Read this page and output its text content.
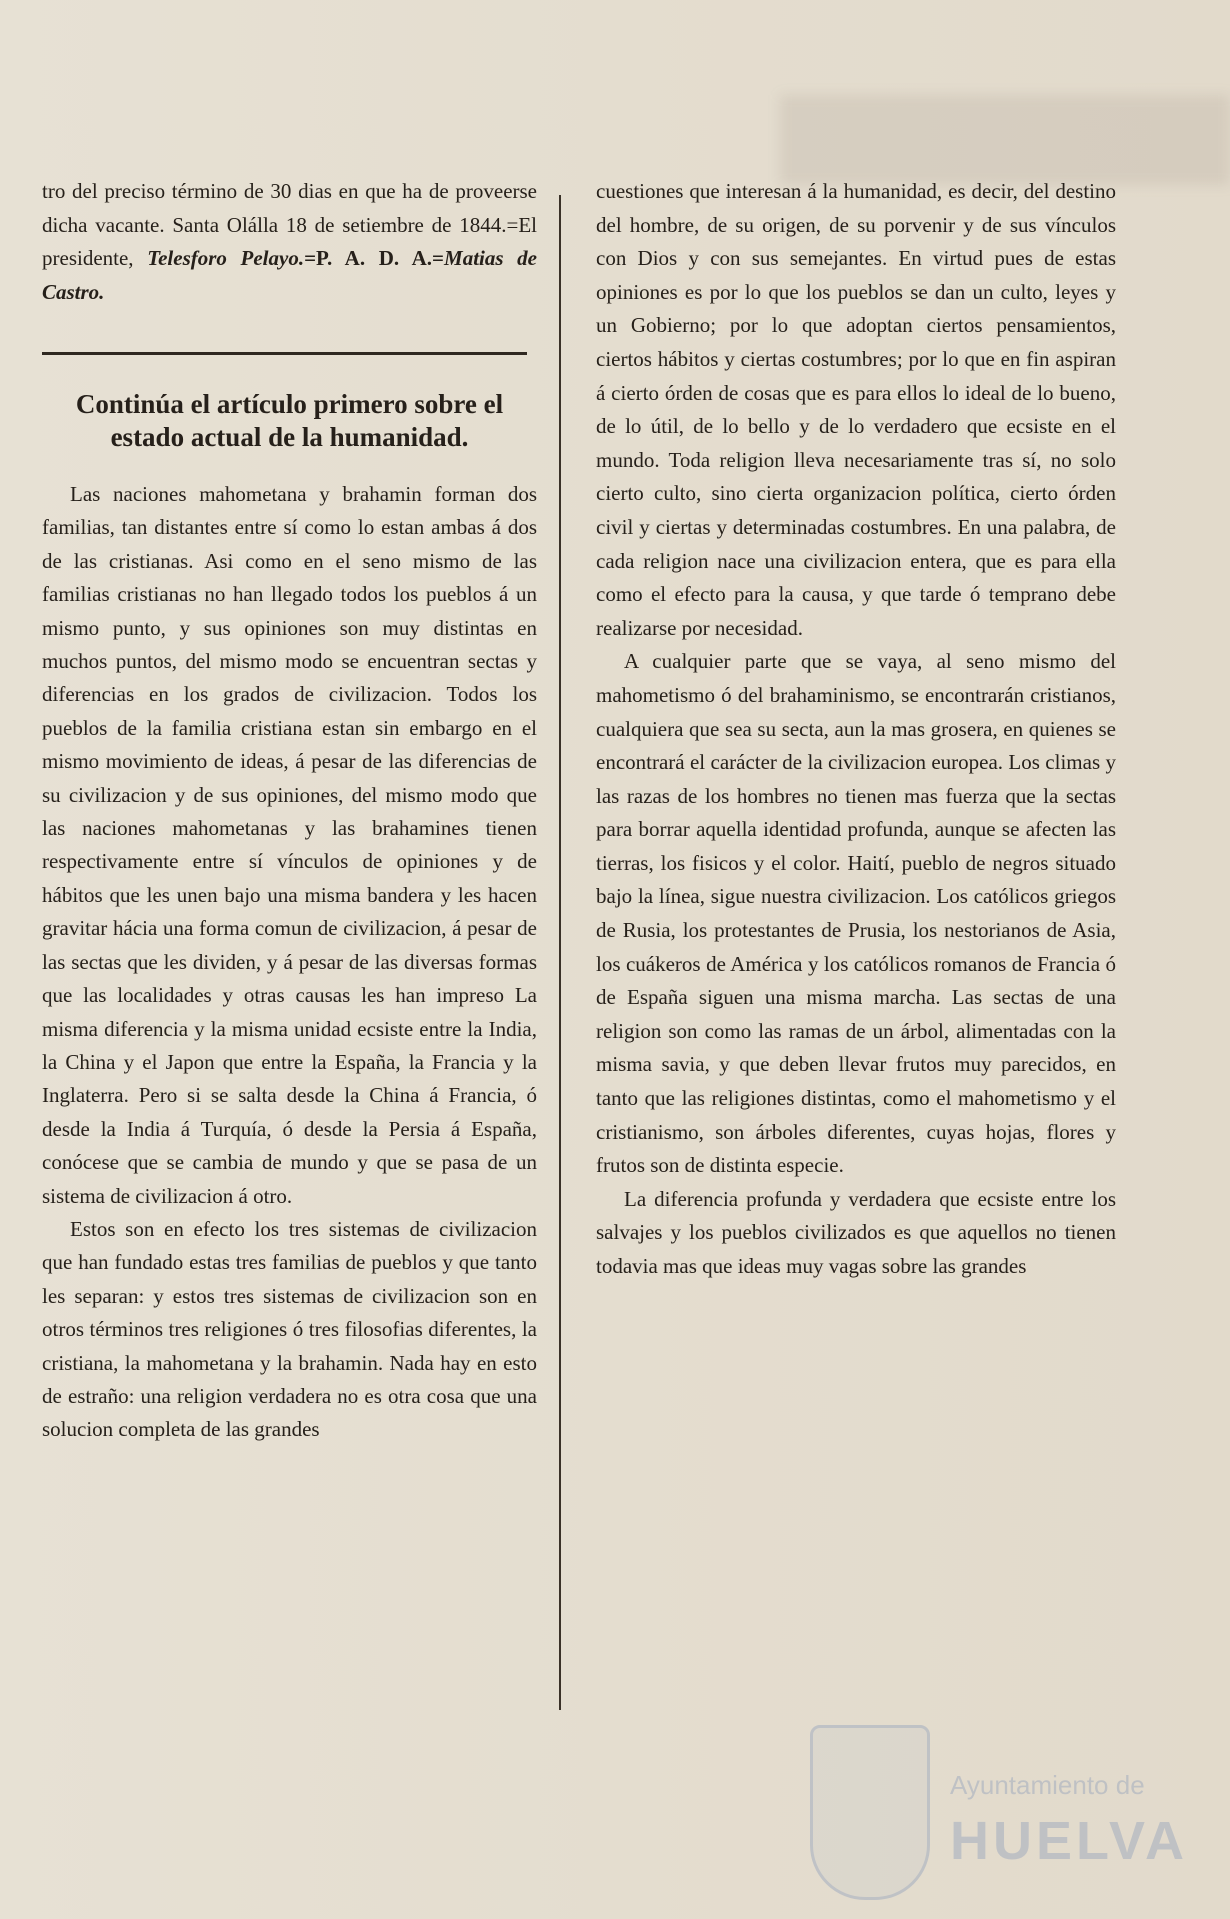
tro del preciso término de 30 dias en que ha de proveerse dicha vacante. Santa Olálla 18 de setiembre de 1844.=El presidente, Telesforo Pelayo.=P. A. D. A.=Matias de Castro.

Continúa el artículo primero sobre el estado actual de la humanidad.

Las naciones mahometana y brahamin forman dos familias, tan distantes entre sí como lo estan ambas á dos de las cristianas. Asi como en el seno mismo de las familias cristianas no han llegado todos los pueblos á un mismo punto, y sus opiniones son muy distintas en muchos puntos, del mismo modo se encuentran sectas y diferencias en los grados de civilizacion. Todos los pueblos de la familia cristiana estan sin embargo en el mismo movimiento de ideas, á pesar de las diferencias de su civilizacion y de sus opiniones, del mismo modo que las naciones mahometanas y las brahamines tienen respectivamente entre sí vínculos de opiniones y de hábitos que les unen bajo una misma bandera y les hacen gravitar hácia una forma comun de civilizacion, á pesar de las sectas que les dividen, y á pesar de las diversas formas que las localidades y otras causas les han impreso La misma diferencia y la misma unidad ecsiste entre la India, la China y el Japon que entre la España, la Francia y la Inglaterra. Pero si se salta desde la China á Francia, ó desde la India á Turquía, ó desde la Persia á España, conócese que se cambia de mundo y que se pasa de un sistema de civilizacion á otro.

Estos son en efecto los tres sistemas de civilizacion que han fundado estas tres familias de pueblos y que tanto les separan: y estos tres sistemas de civilizacion son en otros términos tres religiones ó tres filosofias diferentes, la cristiana, la mahometana y la brahamin. Nada hay en esto de estraño: una religion verdadera no es otra cosa que una solucion completa de las grandes

cuestiones que interesan á la humanidad, es decir, del destino del hombre, de su origen, de su porvenir y de sus vínculos con Dios y con sus semejantes. En virtud pues de estas opiniones es por lo que los pueblos se dan un culto, leyes y un Gobierno; por lo que adoptan ciertos pensamientos, ciertos hábitos y ciertas costumbres; por lo que en fin aspiran á cierto órden de cosas que es para ellos lo ideal de lo bueno, de lo útil, de lo bello y de lo verdadero que ecsiste en el mundo. Toda religion lleva necesariamente tras sí, no solo cierto culto, sino cierta organizacion política, cierto órden civil y ciertas y determinadas costumbres. En una palabra, de cada religion nace una civilizacion entera, que es para ella como el efecto para la causa, y que tarde ó temprano debe realizarse por necesidad.

A cualquier parte que se vaya, al seno mismo del mahometismo ó del brahaminismo, se encontrarán cristianos, cualquiera que sea su secta, aun la mas grosera, en quienes se encontrará el carácter de la civilizacion europea. Los climas y las razas de los hombres no tienen mas fuerza que la sectas para borrar aquella identidad profunda, aunque se afecten las tierras, los fisicos y el color. Haití, pueblo de negros situado bajo la línea, sigue nuestra civilizacion. Los católicos griegos de Rusia, los protestantes de Prusia, los nestorianos de Asia, los cuákeros de América y los católicos romanos de Francia ó de España siguen una misma marcha. Las sectas de una religion son como las ramas de un árbol, alimentadas con la misma savia, y que deben llevar frutos muy parecidos, en tanto que las religiones distintas, como el mahometismo y el cristianismo, son árboles diferentes, cuyas hojas, flores y frutos son de distinta especie.

La diferencia profunda y verdadera que ecsiste entre los salvajes y los pueblos civilizados es que aquellos no tienen todavia mas que ideas muy vagas sobre las grandes

Ayuntamiento de
HUELVA
